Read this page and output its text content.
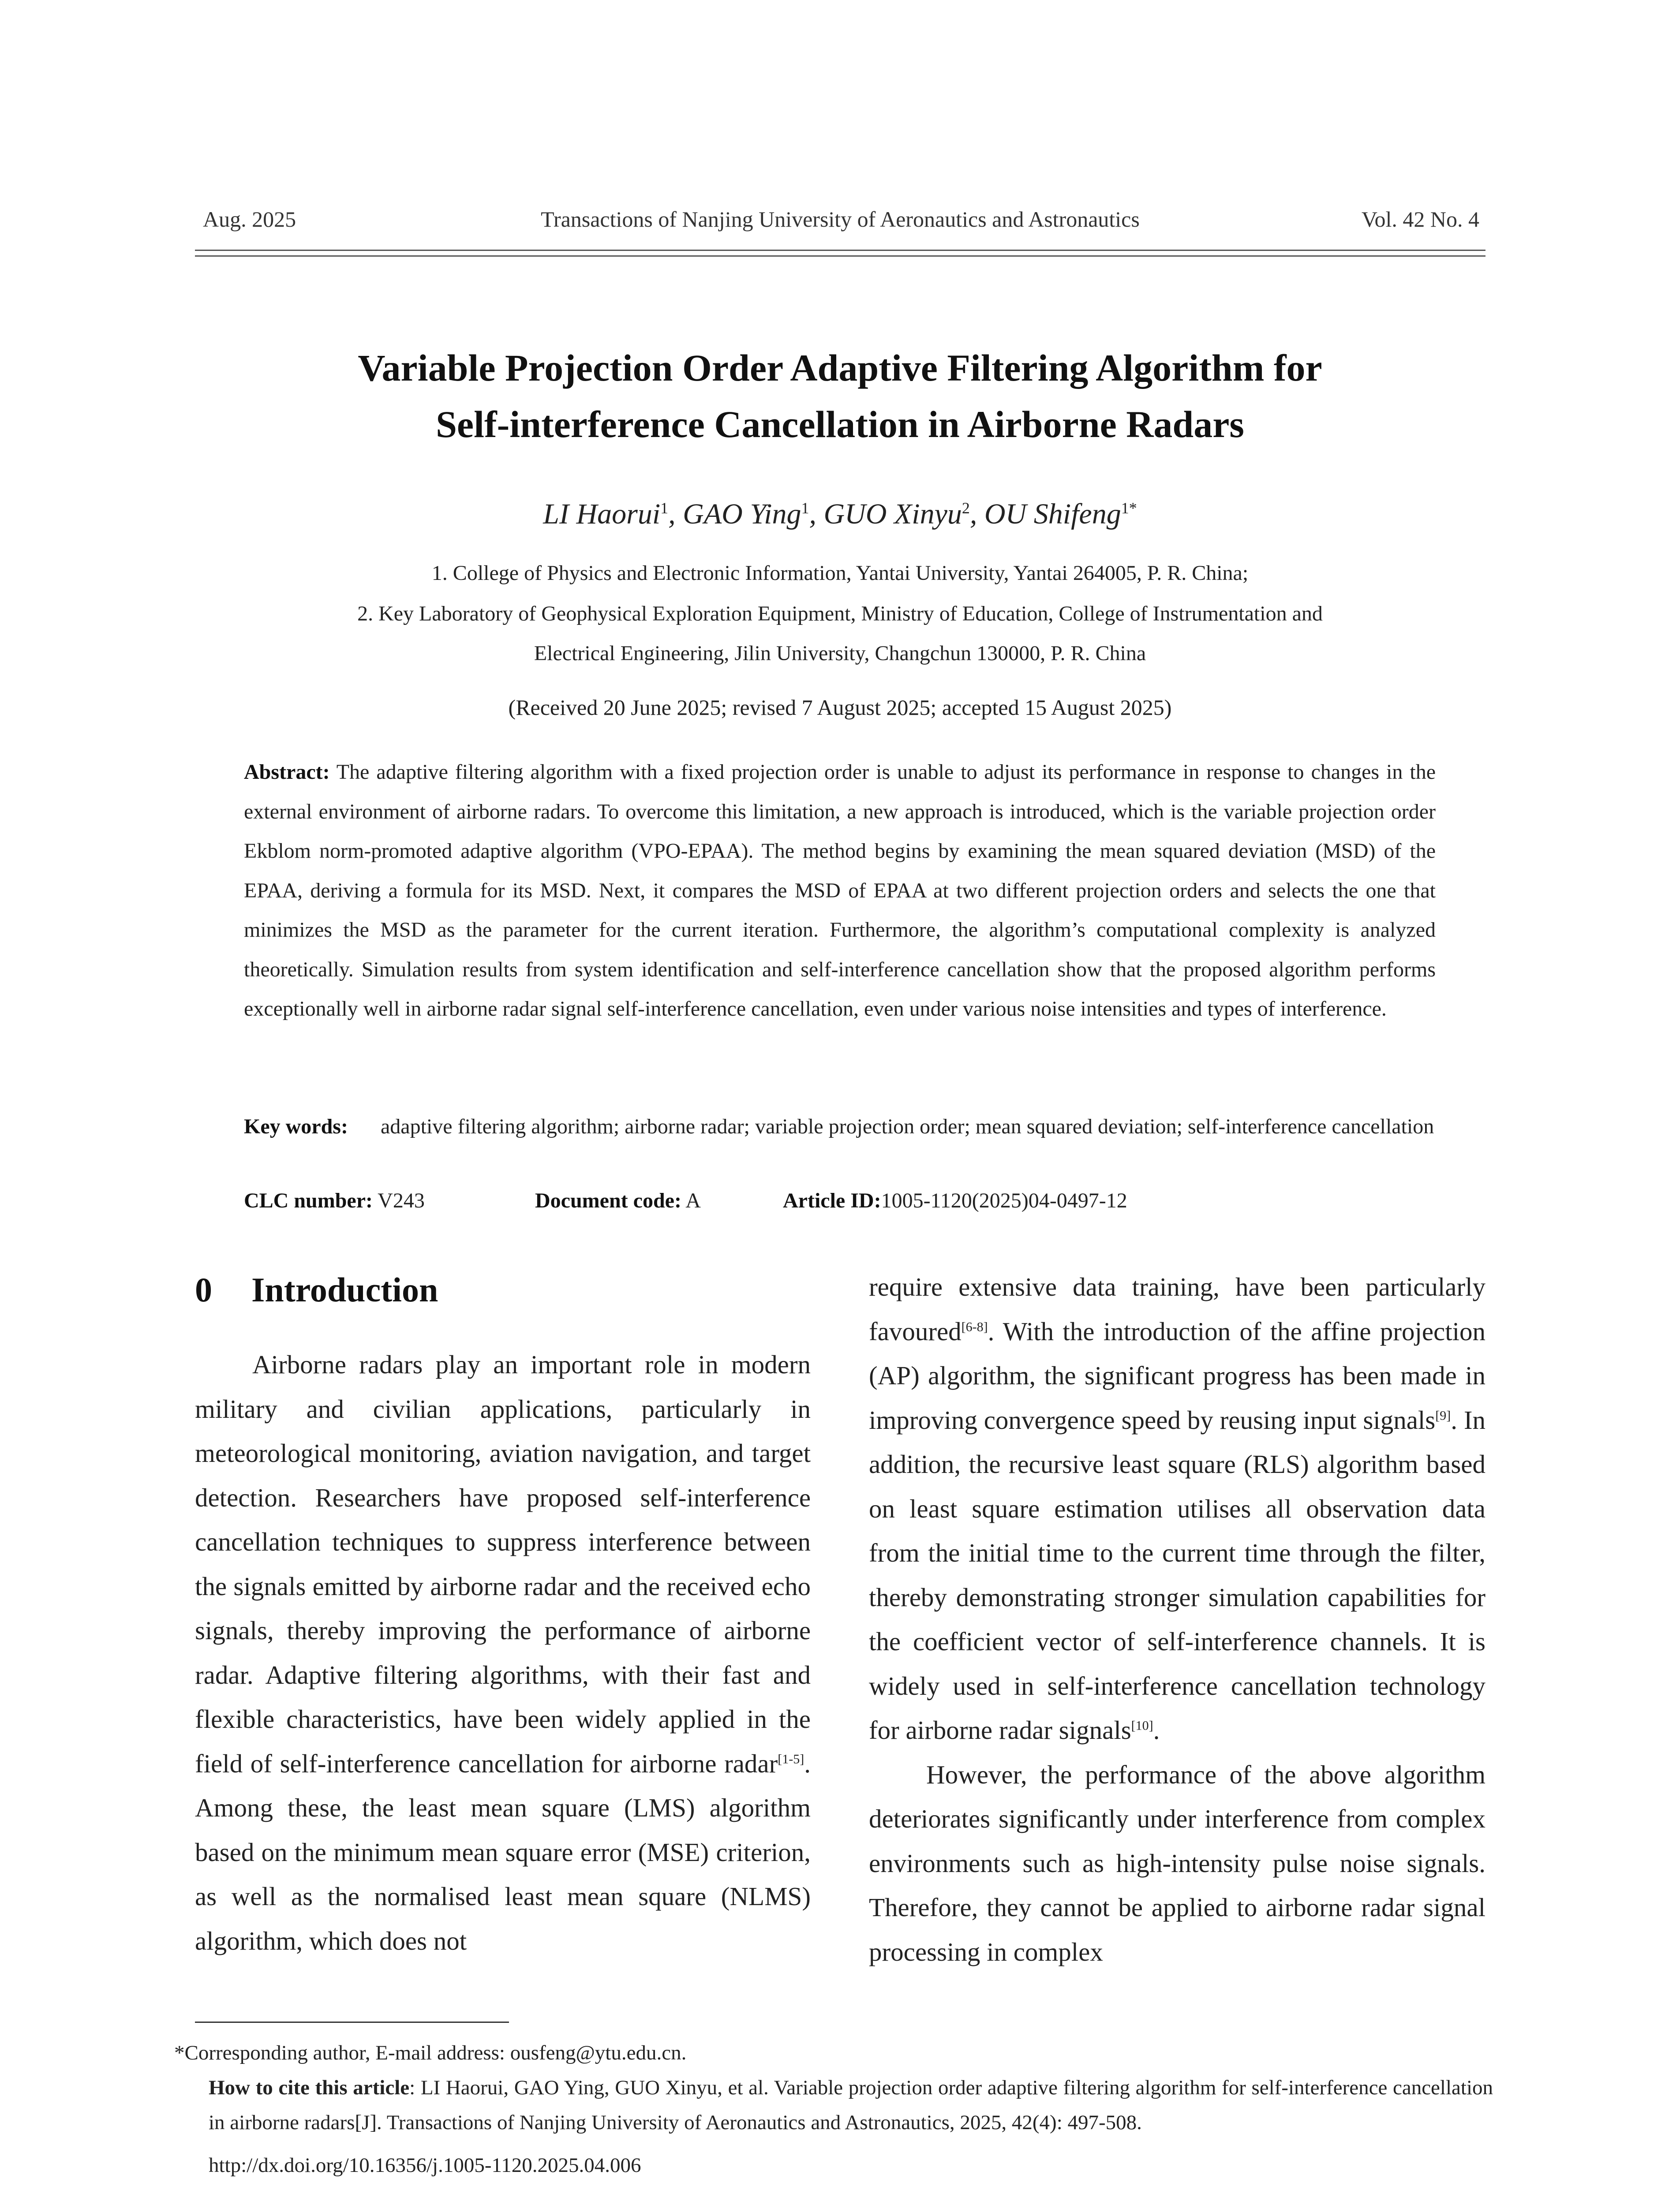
Aug. 2025	Transactions of Nanjing University of Aeronautics and Astronautics	Vol. 42 No. 4
Variable Projection Order Adaptive Filtering Algorithm for
Self-interference Cancellation in Airborne Radars
LI Haorui$^1$, GAO Ying$^1$, GUO Xinyu$^2$, OU Shifeng$^{1*}$
1. College of Physics and Electronic Information, Yantai University, Yantai 264005, P. R. China;
2. Key Laboratory of Geophysical Exploration Equipment, Ministry of Education, College of Instrumentation and
Electrical Engineering, Jilin University, Changchun 130000, P. R. China
(Received 20 June 2025; revised 7 August 2025; accepted 15 August 2025)
Abstract: The adaptive filtering algorithm with a fixed projection order is unable to adjust its performance in response to changes in the external environment of airborne radars. To overcome this limitation, a new approach is introduced, which is the variable projection order Ekblom norm-promoted adaptive algorithm (VPO-EPAA). The method begins by examining the mean squared deviation (MSD) of the EPAA, deriving a formula for its MSD. Next, it compares the MSD of EPAA at two different projection orders and selects the one that minimizes the MSD as the parameter for the current iteration. Furthermore, the algorithm’s computational complexity is analyzed theoretically. Simulation results from system identification and self-interference cancellation show that the proposed algorithm performs exceptionally well in airborne radar signal self-interference cancellation, even under various noise intensities and types of interference.
Key words: adaptive filtering algorithm; airborne radar; variable projection order; mean squared deviation; self-interference cancellation
CLC number: V243	Document code: A	Article ID:1005-1120(2025)04-0497-12
0 Introduction

Airborne radars play an important role in modern military and civilian applications, particularly in meteorological monitoring, aviation navigation, and target detection. Researchers have proposed self-interference cancellation techniques to suppress interference between the signals emitted by airborne radar and the received echo signals, thereby improving the performance of airborne radar. Adaptive filtering algorithms, with their fast and flexible characteristics, have been widely applied in the field of self-interference cancellation for airborne radar[1-5]. Among these, the least mean square (LMS) algorithm based on the minimum mean square error (MSE) criterion, as well as the normalised least mean square (NLMS) algorithm, which does not

require extensive data training, have been particularly favoured[6-8]. With the introduction of the affine projection (AP) algorithm, the significant progress has been made in improving convergence speed by reusing input signals[9]. In addition, the recursive least square (RLS) algorithm based on least square estimation utilises all observation data from the initial time to the current time through the filter, thereby demonstrating stronger simulation capabilities for the coefficient vector of self-interference channels. It is widely used in self-interference cancellation technology for airborne radar signals[10].

However, the performance of the above algorithm deteriorates significantly under interference from complex environments such as high-intensity pulse noise signals. Therefore, they cannot be applied to airborne radar signal processing in complex

*Corresponding author, E-mail address: ousfeng@ytu.edu.cn.

How to cite this article: LI Haorui, GAO Ying, GUO Xinyu, et al. Variable projection order adaptive filtering algorithm for self-interference cancellation in airborne radars[J]. Transactions of Nanjing University of Aeronautics and Astronautics, 2025, 42(4): 497-508.

http://dx.doi.org/10.16356/j.1005-1120.2025.04.006
